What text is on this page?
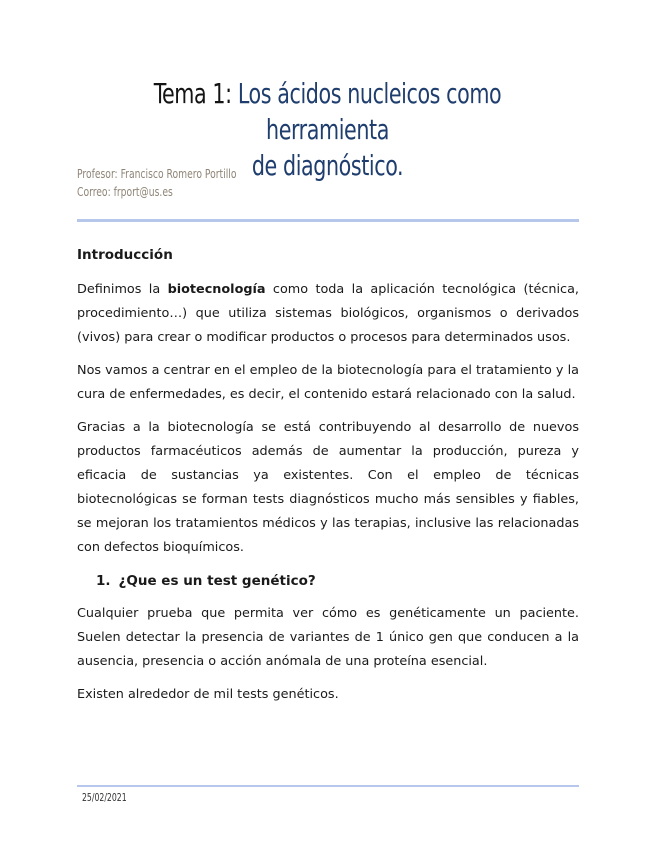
Tema 1: Los ácidos nucleicos como herramienta
de diagnóstico.
Profesor: Francisco Romero Portillo
Correo: frport@us.es
Introducción

Definimos la biotecnología como toda la aplicación tecnológica (técnica, procedimiento…) que utiliza sistemas biológicos, organismos o derivados (vivos) para crear o modificar productos o procesos para determinados usos.

Nos vamos a centrar en el empleo de la biotecnología para el tratamiento y la cura de enfermedades, es decir, el contenido estará relacionado con la salud.

Gracias a la biotecnología se está contribuyendo al desarrollo de nuevos productos farmacéuticos además de aumentar la producción, pureza y eficacia de sustancias ya existentes. Con el empleo de técnicas biotecnológicas se forman tests diagnósticos mucho más sensibles y fiables, se mejoran los tratamientos médicos y las terapias, inclusive las relacionadas con defectos bioquímicos.

1. ¿Que es un test genético?

Cualquier prueba que permita ver cómo es genéticamente un paciente. Suelen detectar la presencia de variantes de 1 único gen que conducen a la ausencia, presencia o acción anómala de una proteína esencial.

Existen alrededor de mil tests genéticos.

25/02/2021
